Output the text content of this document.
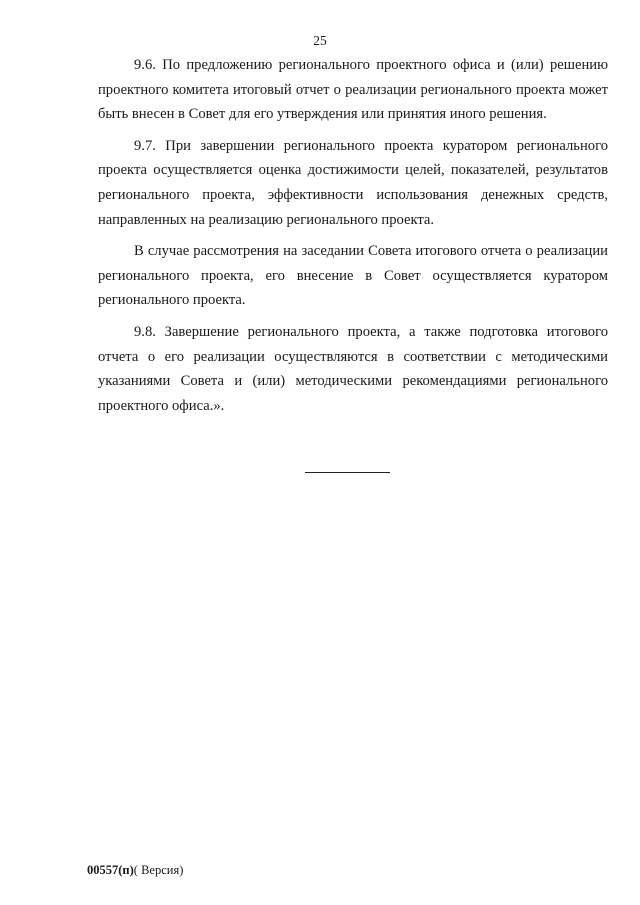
25

9.6. По предложению регионального проектного офиса и (или) решению проектного комитета итоговый отчет о реализации регионального проекта может быть внесен в Совет для его утверждения или принятия иного решения.

9.7. При завершении регионального проекта куратором регионального проекта осуществляется оценка достижимости целей, показателей, результатов регионального проекта, эффективности использования денежных средств, направленных на реализацию регионального проекта.

В случае рассмотрения на заседании Совета итогового отчета о реализации регионального проекта, его внесение в Совет осуществляется куратором регионального проекта.

9.8. Завершение регионального проекта, а также подготовка итогового отчета о его реализации осуществляются в соответствии с методическими указаниями Совета и (или) методическими рекомендациями регионального проектного офиса.».

00557(п)( Версия)
